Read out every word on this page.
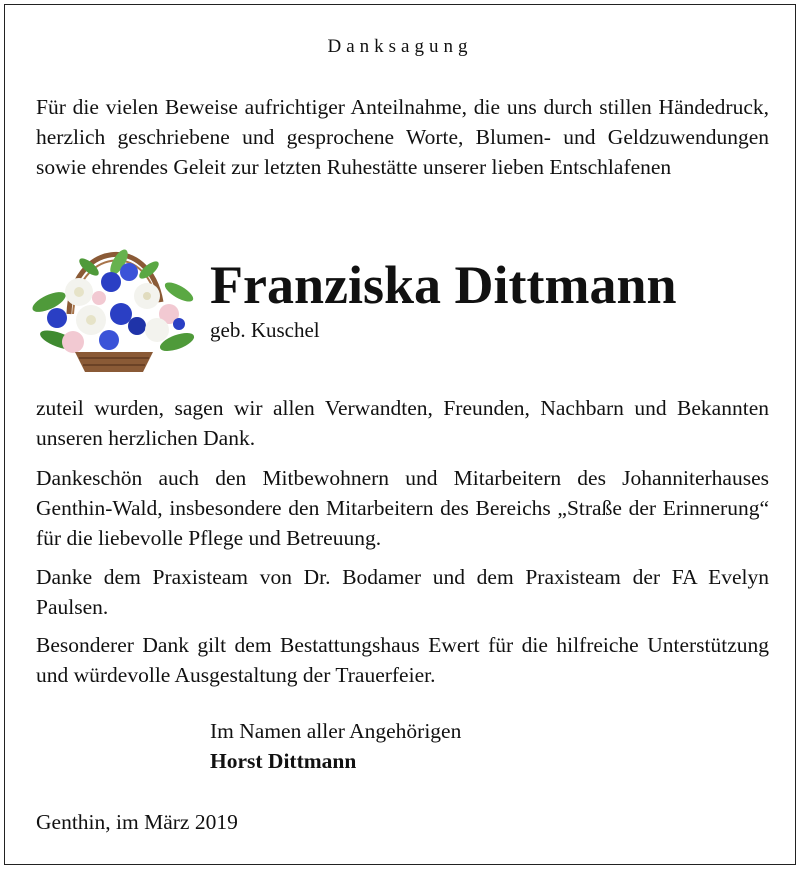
Danksagung

Für die vielen Beweise aufrichtiger Anteilnahme, die uns durch stillen Händedruck, herzlich geschriebene und gesprochene Worte, Blumen- und Geldzuwendungen sowie ehrendes Geleit zur letzten Ruhestätte unserer lieben Entschlafenen

Franziska Dittmann

geb. Kuschel

zuteil wurden, sagen wir allen Verwandten, Freunden, Nachbarn und Bekannten unseren herzlichen Dank.

Dankeschön auch den Mitbewohnern und Mitarbeitern des Johanniterhauses Genthin-Wald, insbesondere den Mitarbeitern des Bereichs „Straße der Erinnerung“ für die liebevolle Pflege und Betreuung.

Danke dem Praxisteam von Dr. Bodamer und dem Praxisteam der FA Evelyn Paulsen.

Besonderer Dank gilt dem Bestattungshaus Ewert für die hilfreiche Unterstützung und würdevolle Ausgestaltung der Trauerfeier.

Im Namen aller Angehörigen

Horst Dittmann

Genthin, im März 2019
